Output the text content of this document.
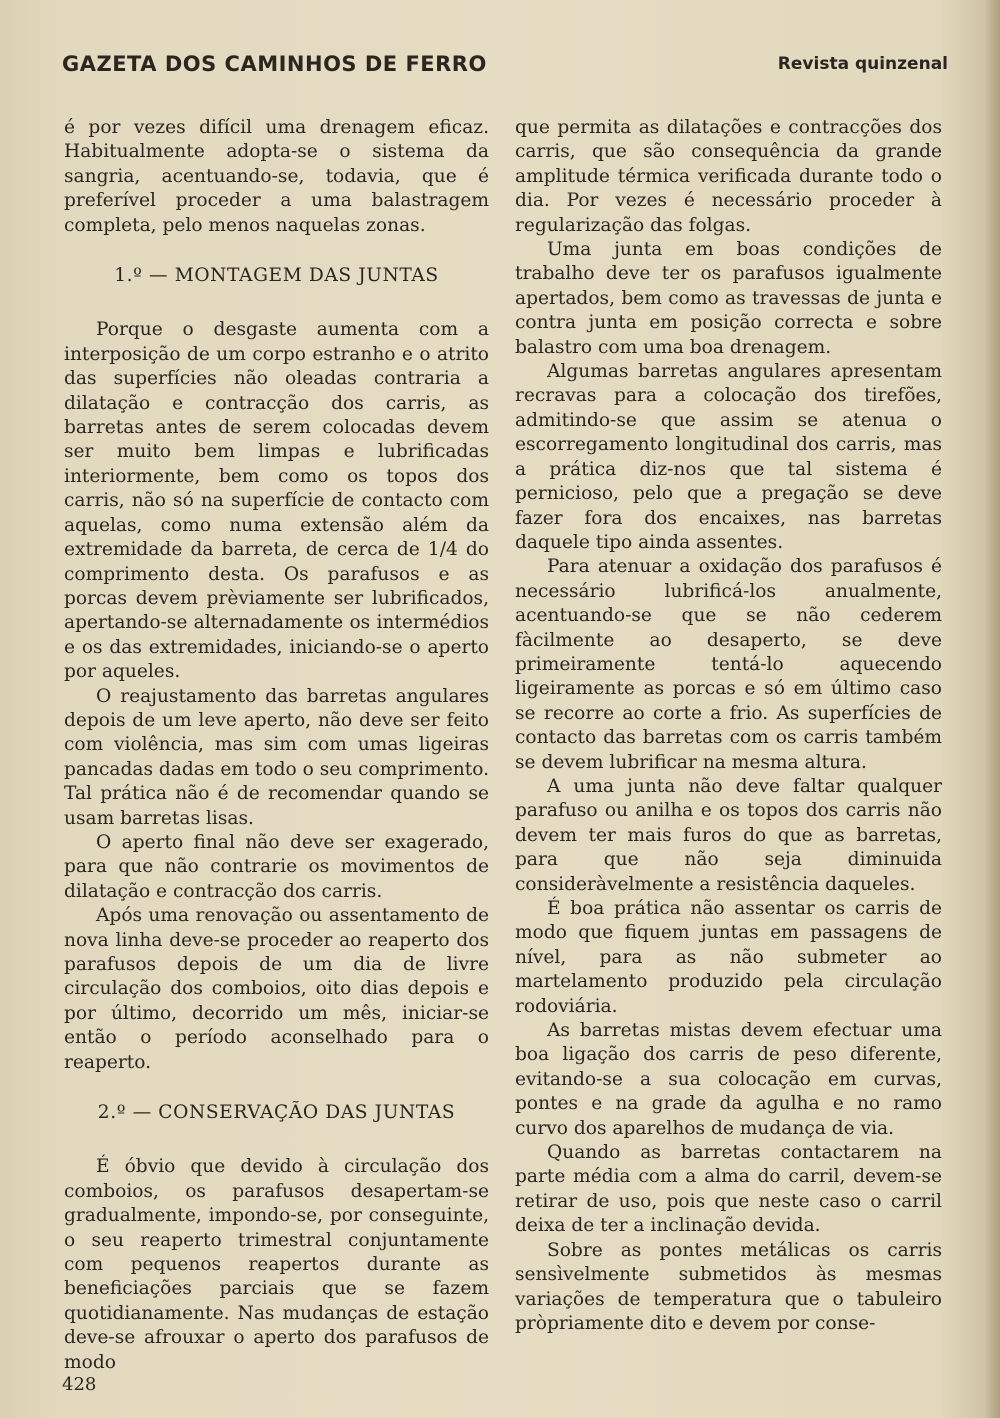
GAZETA DOS CAMINHOS DE FERRO	Revista quinzenal

é por vezes difícil uma drenagem eficaz. Habitualmente adopta-se o sistema da sangria, acentuando-se, todavia, que é preferível proceder a uma balastragem completa, pelo menos naquelas zonas.

1.º — MONTAGEM DAS JUNTAS

Porque o desgaste aumenta com a interposição de um corpo estranho e o atrito das superfícies não oleadas contraria a dilatação e contracção dos carris, as barretas antes de serem colocadas devem ser muito bem limpas e lubrificadas interiormente, bem como os topos dos carris, não só na superfície de contacto com aquelas, como numa extensão além da extremidade da barreta, de cerca de 1/4 do comprimento desta. Os parafusos e as porcas devem prèviamente ser lubrificados, apertando-se alternadamente os intermédios e os das extremidades, iniciando-se o aperto por aqueles.

O reajustamento das barretas angulares depois de um leve aperto, não deve ser feito com violência, mas sim com umas ligeiras pancadas dadas em todo o seu comprimento. Tal prática não é de recomendar quando se usam barretas lisas.

O aperto final não deve ser exagerado, para que não contrarie os movimentos de dilatação e contracção dos carris.

Após uma renovação ou assentamento de nova linha deve-se proceder ao reaperto dos parafusos depois de um dia de livre circulação dos comboios, oito dias depois e por último, decorrido um mês, iniciar-se então o período aconselhado para o reaperto.

2.º — CONSERVAÇÃO DAS JUNTAS

É óbvio que devido à circulação dos comboios, os parafusos desapertam-se gradualmente, impondo-se, por conseguinte, o seu reaperto trimestral conjuntamente com pequenos reapertos durante as beneficiações parciais que se fazem quotidianamente. Nas mudanças de estação deve-se afrouxar o aperto dos parafusos de modo

que permita as dilatações e contracções dos carris, que são consequência da grande amplitude térmica verificada durante todo o dia. Por vezes é necessário proceder à regularização das folgas.

Uma junta em boas condições de trabalho deve ter os parafusos igualmente apertados, bem como as travessas de junta e contra junta em posição correcta e sobre balastro com uma boa drenagem.

Algumas barretas angulares apresentam recravas para a colocação dos tirefões, admitindo-se que assim se atenua o escorregamento longitudinal dos carris, mas a prática diz-nos que tal sistema é pernicioso, pelo que a pregação se deve fazer fora dos encaixes, nas barretas daquele tipo ainda assentes.

Para atenuar a oxidação dos parafusos é necessário lubrificá-los anualmente, acentuando-se que se não cederem fàcilmente ao desaperto, se deve primeiramente tentá-lo aquecendo ligeiramente as porcas e só em último caso se recorre ao corte a frio. As superfícies de contacto das barretas com os carris também se devem lubrificar na mesma altura.

A uma junta não deve faltar qualquer parafuso ou anilha e os topos dos carris não devem ter mais furos do que as barretas, para que não seja diminuida consideràvelmente a resistência daqueles.

É boa prática não assentar os carris de modo que fiquem juntas em passagens de nível, para as não submeter ao martelamento produzido pela circulação rodoviária.

As barretas mistas devem efectuar uma boa ligação dos carris de peso diferente, evitando-se a sua colocação em curvas, pontes e na grade da agulha e no ramo curvo dos aparelhos de mudança de via.

Quando as barretas contactarem na parte média com a alma do carril, devem-se retirar de uso, pois que neste caso o carril deixa de ter a inclinação devida.

Sobre as pontes metálicas os carris sensìvelmente submetidos às mesmas variações de temperatura que o tabuleiro pròpriamente dito e devem por conse-

428
